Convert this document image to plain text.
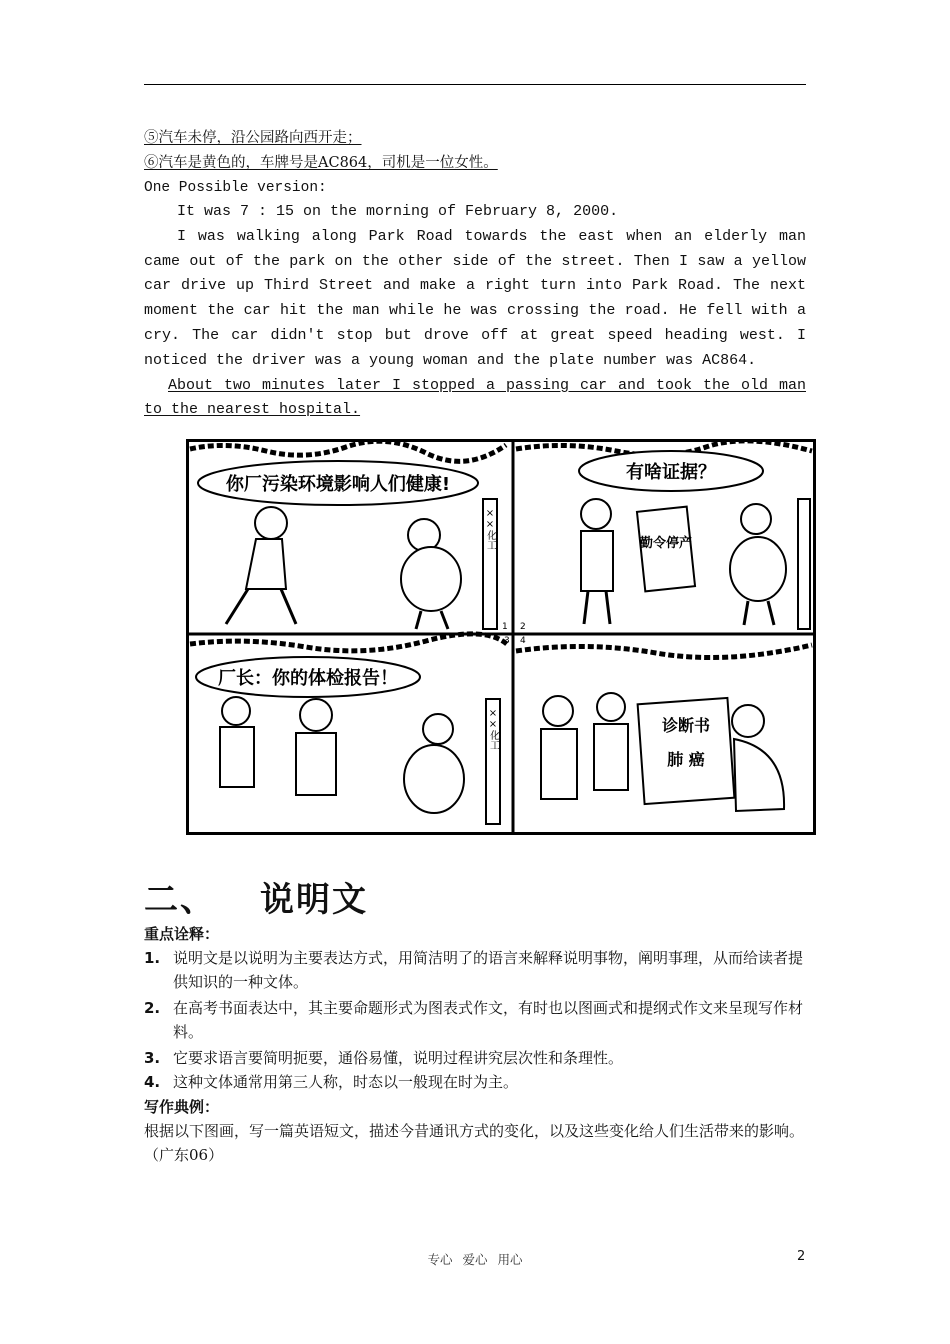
⑤汽车未停，沿公园路向西开走；
⑥汽车是黄色的，车牌号是AC864，司机是一位女性。
One Possible version:

It was 7 : 15 on the morning of February 8, 2000.

I was walking along Park Road towards the east when an elderly man came out of the park on the other side of the street. Then I saw a yellow car drive up Third Street and make a right turn into Park Road. The next moment the car hit the man while he was crossing the road. He fell with a cry. The car didn't stop but drove off at great speed heading west. I noticed the driver was a young woman and the plate number was AC864.

About two minutes later I stopped a passing car and took the old man to the nearest hospital.

你厂污染环境影响人们健康!
××化工
1
有啥证据？
勤令停产
2
厂长：你的体检报告！
××化工
3
诊断书
肺 癌
4
二、 说明文
重点诠释：
1. 说明文是以说明为主要表达方式，用简洁明了的语言来解释说明事物，阐明事理，从而给读者提供知识的一种文体。
2. 在高考书面表达中，其主要命题形式为图表式作文，有时也以图画式和提纲式作文来呈现写作材料。
3. 它要求语言要简明扼要，通俗易懂，说明过程讲究层次性和条理性。
4. 这种文体通常用第三人称，时态以一般现在时为主。
写作典例：
根据以下图画，写一篇英语短文，描述今昔通讯方式的变化，以及这些变化给人们生活带来的影响。（广东06）
专心 爱心 用心	2
